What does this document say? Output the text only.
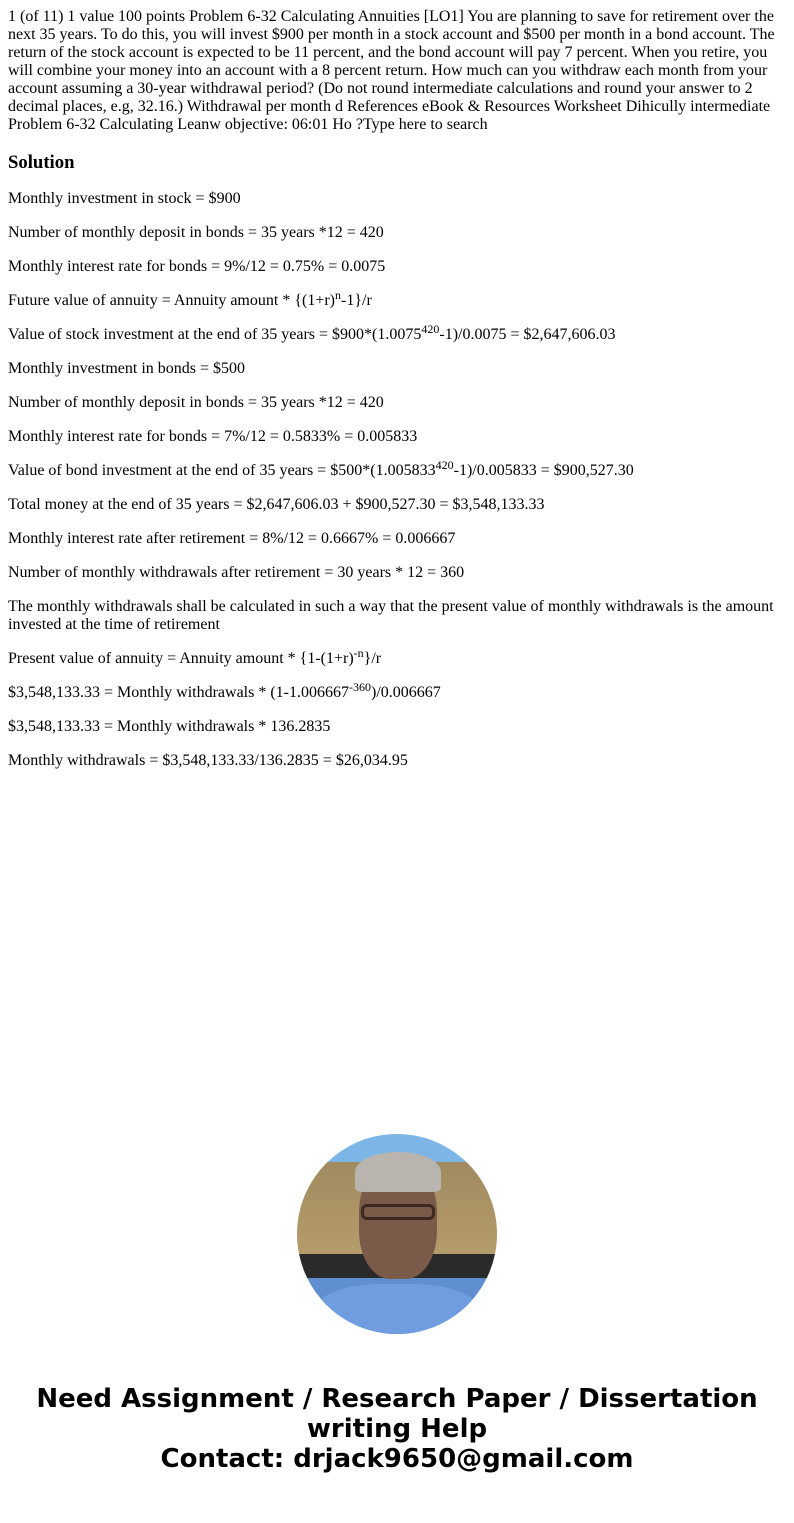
1 (of 11) 1 value 100 points Problem 6-32 Calculating Annuities [LO1] You are planning to save for retirement over the next 35 years. To do this, you will invest $900 per month in a stock account and $500 per month in a bond account. The return of the stock account is expected to be 11 percent, and the bond account will pay 7 percent. When you retire, you will combine your money into an account with a 8 percent return. How much can you withdraw each month from your account assuming a 30-year withdrawal period? (Do not round intermediate calculations and round your answer to 2 decimal places, e.g, 32.16.) Withdrawal per month d References eBook & Resources Worksheet Dihicully intermediate Problem 6-32 Calculating Leanw objective: 06:01 Ho ?Type here to search

Solution

Monthly investment in stock = $900

Number of monthly deposit in bonds = 35 years *12 = 420

Monthly interest rate for bonds = 9%/12 = 0.75% = 0.0075

Future value of annuity = Annuity amount * $\{(1+r)^n-1\}/r$

Value of stock investment at the end of 35 years = $\$900*(1.0075^{420}-1)/0.0075$ = $2,647,606.03

Monthly investment in bonds = $500

Number of monthly deposit in bonds = 35 years *12 = 420

Monthly interest rate for bonds = 7%/12 = 0.5833% = 0.005833

Value of bond investment at the end of 35 years = $\$500*(1.005833^{420}-1)/0.005833$ = $900,527.30

Total money at the end of 35 years = $2,647,606.03 + $900,527.30 = $3,548,133.33

Monthly interest rate after retirement = 8%/12 = 0.6667% = 0.006667

Number of monthly withdrawals after retirement = 30 years * 12 = 360

The monthly withdrawals shall be calculated in such a way that the present value of monthly withdrawals is the amount invested at the time of retirement

Present value of annuity = Annuity amount * $\{1-(1+r)^{-n}\}/r$

$3,548,133.33 = Monthly withdrawals * $(1-1.006667^{-360})/0.006667$

$3,548,133.33 = Monthly withdrawals * 136.2835

Monthly withdrawals = $3,548,133.33/136.2835 = $26,034.95

Need Assignment / Research Paper / Dissertation writing Help
Contact: drjack9650@gmail.com
